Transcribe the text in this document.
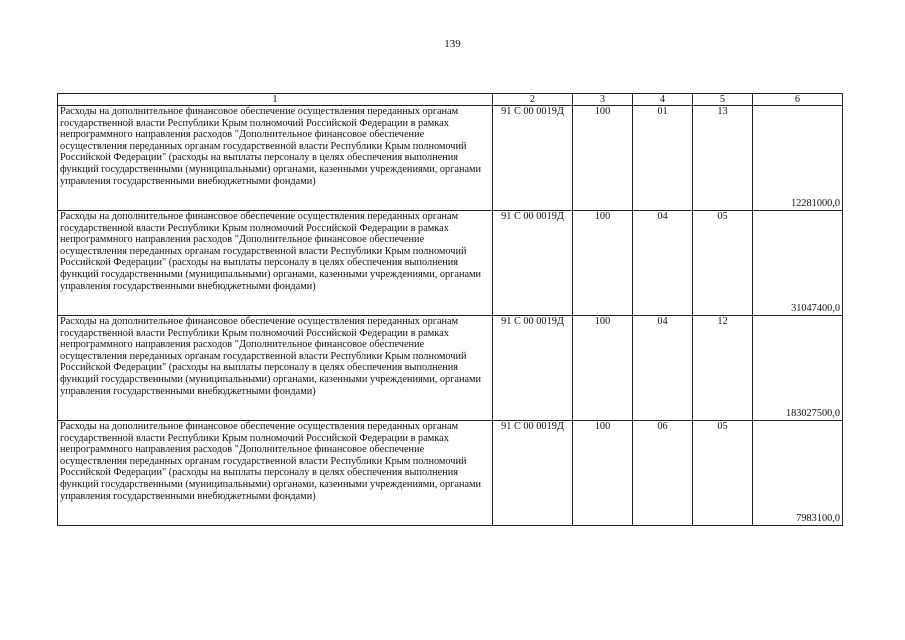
139
1	2	3	4	5	6
Расходы на дополнительное финансовое обеспечение осуществления переданных органам государственной власти Республики Крым полномочий Российской Федерации в рамках непрограммного направления расходов "Дополнительное финансовое обеспечение осуществления переданных органам государственной власти Республики Крым полномочий Российской Федерации" (расходы на выплаты персоналу в целях обеспечения выполнения функций государственными (муниципальными) органами, казенными учреждениями, органами управления государственными внебюджетными фондами)	91 С 00 0019Д	100	01	13	12281000,0
Расходы на дополнительное финансовое обеспечение осуществления переданных органам государственной власти Республики Крым полномочий Российской Федерации в рамках непрограммного направления расходов "Дополнительное финансовое обеспечение осуществления переданных органам государственной власти Республики Крым полномочий Российской Федерации" (расходы на выплаты персоналу в целях обеспечения выполнения функций государственными (муниципальными) органами, казенными учреждениями, органами управления государственными внебюджетными фондами)	91 С 00 0019Д	100	04	05	31047400,0
Расходы на дополнительное финансовое обеспечение осуществления переданных органам государственной власти Республики Крым полномочий Российской Федерации в рамках непрограммного направления расходов "Дополнительное финансовое обеспечение осуществления переданных органам государственной власти Республики Крым полномочий Российской Федерации" (расходы на выплаты персоналу в целях обеспечения выполнения функций государственными (муниципальными) органами, казенными учреждениями, органами управления государственными внебюджетными фондами)	91 С 00 0019Д	100	04	12	183027500,0
Расходы на дополнительное финансовое обеспечение осуществления переданных органам государственной власти Республики Крым полномочий Российской Федерации в рамках непрограммного направления расходов "Дополнительное финансовое обеспечение осуществления переданных органам государственной власти Республики Крым полномочий Российской Федерации" (расходы на выплаты персоналу в целях обеспечения выполнения функций государственными (муниципальными) органами, казенными учреждениями, органами управления государственными внебюджетными фондами)	91 С 00 0019Д	100	06	05	7983100,0
